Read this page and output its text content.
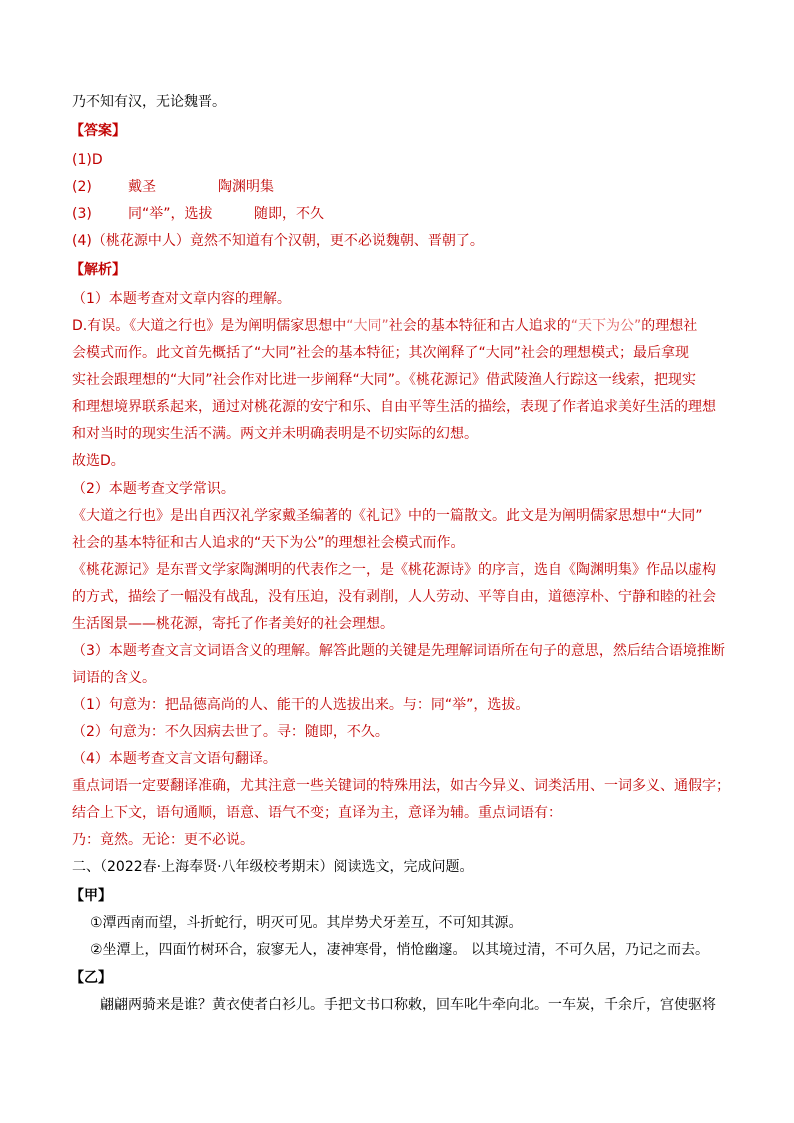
乃不知有汉，无论魏晋。
【答案】
(1)D
(2)	戴圣	陶渊明集
(3)	同“举”，选拔	随即，不久
(4)（桃花源中人）竟然不知道有个汉朝，更不必说魏朝、晋朝了。
【解析】
（1）本题考查对文章内容的理解。
D.有误。《大道之行也》是为阐明儒家思想中“大同”社会的基本特征和古人追求的“天下为公”的理想社
会模式而作。此文首先概括了“大同”社会的基本特征；其次阐释了“大同”社会的理想模式；最后拿现
实社会跟理想的“大同”社会作对比进一步阐释“大同”。《桃花源记》借武陵渔人行踪这一线索，把现实
和理想境界联系起来，通过对桃花源的安宁和乐、自由平等生活的描绘，表现了作者追求美好生活的理想
和对当时的现实生活不满。两文并未明确表明是不切实际的幻想。
故选D。
（2）本题考查文学常识。
《大道之行也》是出自西汉礼学家戴圣编著的《礼记》中的一篇散文。此文是为阐明儒家思想中“大同”
社会的基本特征和古人追求的“天下为公”的理想社会模式而作。
《桃花源记》是东晋文学家陶渊明的代表作之一，是《桃花源诗》的序言，选自《陶渊明集》作品以虚构
的方式，描绘了一幅没有战乱，没有压迫，没有剥削，人人劳动、平等自由，道德淳朴、宁静和睦的社会
生活图景——桃花源，寄托了作者美好的社会理想。
（3）本题考查文言文词语含义的理解。解答此题的关键是先理解词语所在句子的意思，然后结合语境推断
词语的含义。
（1）句意为：把品德高尚的人、能干的人选拔出来。与：同“举”，选拔。
（2）句意为：不久因病去世了。寻：随即，不久。
（4）本题考查文言文语句翻译。
重点词语一定要翻译准确，尤其注意一些关键词的特殊用法，如古今异义、词类活用、一词多义、通假字；
结合上下文，语句通顺，语意、语气不变；直译为主，意译为辅。重点词语有：
乃：竟然。无论：更不必说。
二、（2022春·上海奉贤·八年级校考期末）阅读选文，完成问题。
【甲】
①潭西南而望，斗折蛇行，明灭可见。其岸势犬牙差互，不可知其源。
②坐潭上，四面竹树环合，寂寥无人，凄神寒骨，悄怆幽邃。 以其境过清，不可久居，乃记之而去。
【乙】
翩翩两骑来是谁？黄衣使者白衫儿。手把文书口称敕，回车叱牛牵向北。一车炭，千余斤，宫使驱将
